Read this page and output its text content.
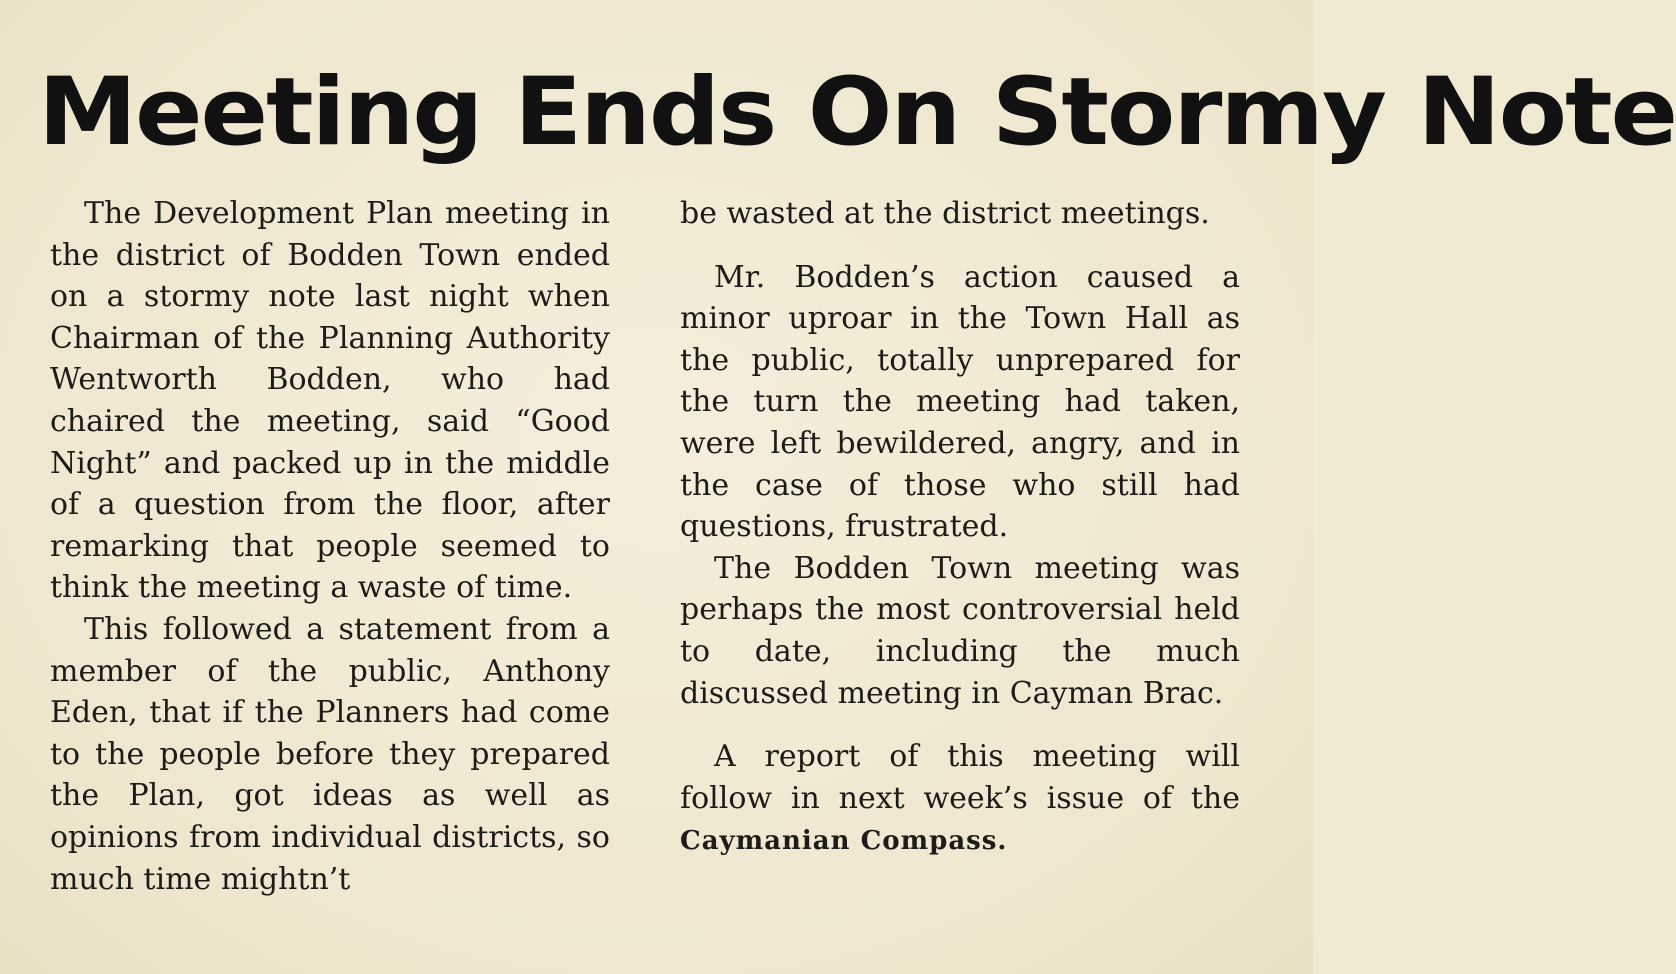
Meeting Ends On Stormy Note

The Development Plan meeting in the district of Bodden Town ended on a stormy note last night when Chairman of the Planning Authority Wentworth Bodden, who had chaired the meeting, said “Good Night” and packed up in the middle of a question from the floor, after remarking that people seemed to think the meeting a waste of time.

This followed a statement from a member of the public, Anthony Eden, that if the Planners had come to the people before they prepared the Plan, got ideas as well as opinions from individual districts, so much time mightn’t

be wasted at the district meetings.

Mr. Bodden’s action caused a minor uproar in the Town Hall as the public, totally unprepared for the turn the meeting had taken, were left bewildered, angry, and in the case of those who still had questions, frustrated.

The Bodden Town meeting was perhaps the most controversial held to date, including the much discussed meeting in Cayman Brac.

A report of this meeting will follow in next week’s issue of the Caymanian Compass.
